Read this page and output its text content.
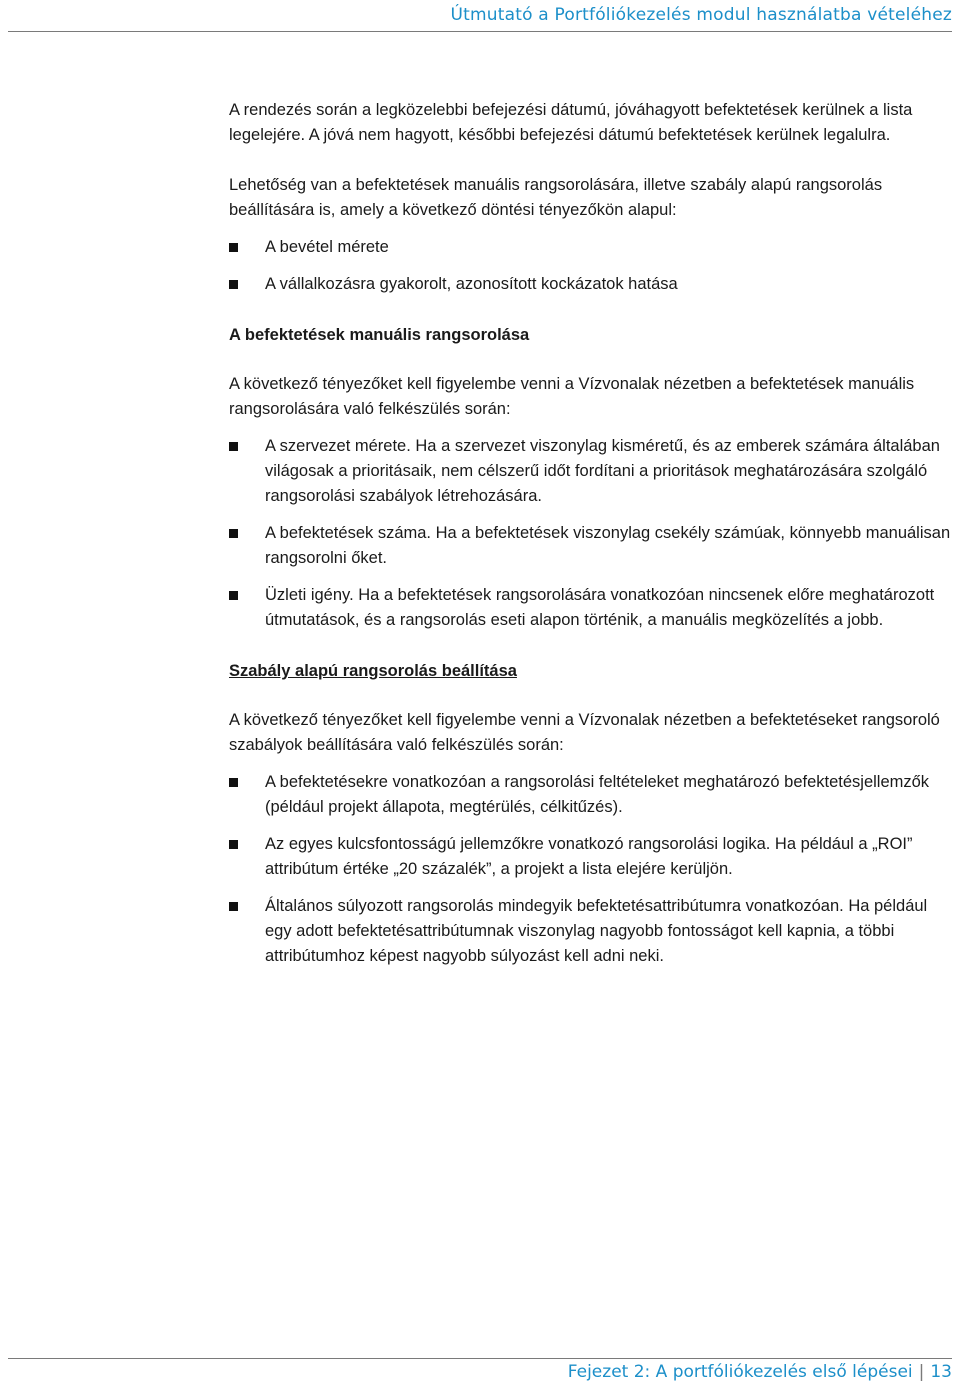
Útmutató a Portfóliókezelés modul használatba vételéhez

A rendezés során a legközelebbi befejezési dátumú, jóváhagyott befektetések kerülnek a lista legelejére. A jóvá nem hagyott, későbbi befejezési dátumú befektetések kerülnek legalulra.

Lehetőség van a befektetések manuális rangsorolására, illetve szabály alapú rangsorolás beállítására is, amely a következő döntési tényezőkön alapul:

A bevétel mérete
A vállalkozásra gyakorolt, azonosított kockázatok hatása

A befektetések manuális rangsorolása

A következő tényezőket kell figyelembe venni a Vízvonalak nézetben a befektetések manuális rangsorolására való felkészülés során:

A szervezet mérete. Ha a szervezet viszonylag kisméretű, és az emberek számára általában világosak a prioritásaik, nem célszerű időt fordítani a prioritások meghatározására szolgáló rangsorolási szabályok létrehozására.
A befektetések száma. Ha a befektetések viszonylag csekély számúak, könnyebb manuálisan rangsorolni őket.
Üzleti igény. Ha a befektetések rangsorolására vonatkozóan nincsenek előre meghatározott útmutatások, és a rangsorolás eseti alapon történik, a manuális megközelítés a jobb.

Szabály alapú rangsorolás beállítása

A következő tényezőket kell figyelembe venni a Vízvonalak nézetben a befektetéseket rangsoroló szabályok beállítására való felkészülés során:

A befektetésekre vonatkozóan a rangsorolási feltételeket meghatározó befektetésjellemzők (például projekt állapota, megtérülés, célkitűzés).
Az egyes kulcsfontosságú jellemzőkre vonatkozó rangsorolási logika. Ha például a „ROI” attribútum értéke „20 százalék”, a projekt a lista elejére kerüljön.
Általános súlyozott rangsorolás mindegyik befektetésattribútumra vonatkozóan. Ha például egy adott befektetésattribútumnak viszonylag nagyobb fontosságot kell kapnia, a többi attribútumhoz képest nagyobb súlyozást kell adni neki.
Fejezet 2: A portfóliókezelés első lépései | 13
